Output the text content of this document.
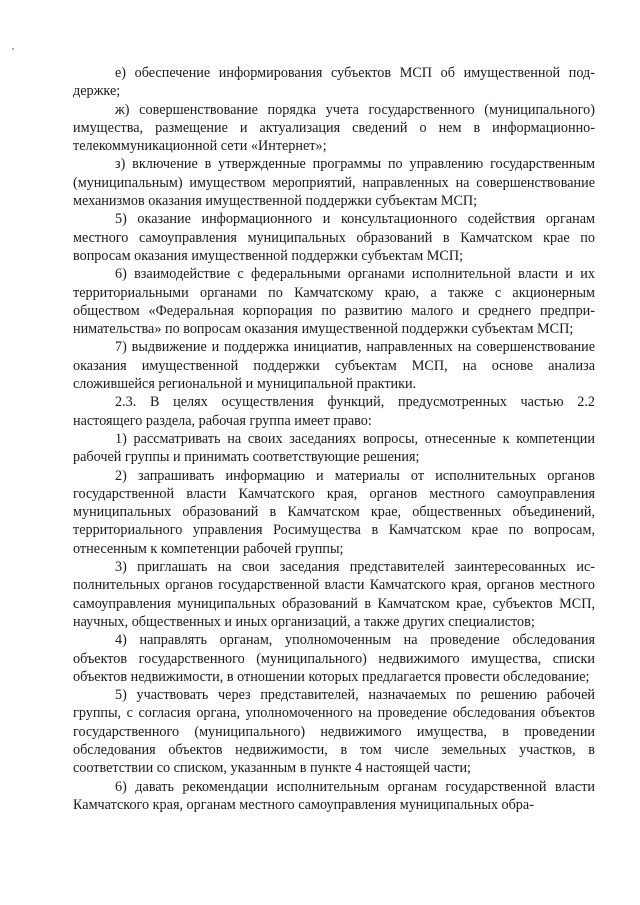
е) обеспечение информирования субъектов МСП об имущественной поддержке;

ж) совершенствование порядка учета государственного (муниципального) имущества, размещение и актуализация сведений о нем в информационнотелекоммуникационной сети «Интернет»;

з) включение в утвержденные программы по управлению государственным (муниципальным) имуществом мероприятий, направленных на совершенствование механизмов оказания имущественной поддержки субъектам МСП;

5) оказание информационного и консультационного содействия органам местного самоуправления муниципальных образований в Камчатском крае по вопросам оказания имущественной поддержки субъектам МСП;

6) взаимодействие с федеральными органами исполнительной власти и их территориальными органами по Камчатскому краю, а также с акционерным обществом «Федеральная корпорация по развитию малого и среднего предпринимательства» по вопросам оказания имущественной поддержки субъектам МСП;

7) выдвижение и поддержка инициатив, направленных на совершенствование оказания имущественной поддержки субъектам МСП, на основе анализа сложившейся региональной и муниципальной практики.

2.3. В целях осуществления функций, предусмотренных частью 2.2 настоящего раздела, рабочая группа имеет право:

1) рассматривать на своих заседаниях вопросы, отнесенные к компетенции рабочей группы и принимать соответствующие решения;

2) запрашивать информацию и материалы от исполнительных органов государственной власти Камчатского края, органов местного самоуправления муниципальных образований в Камчатском крае, общественных объединений, территориального управления Росимущества в Камчатском крае по вопросам, отнесенным к компетенции рабочей группы;

3) приглашать на свои заседания представителей заинтересованных исполнительных органов государственной власти Камчатского края, органов местного самоуправления муниципальных образований в Камчатском крае, субъектов МСП, научных, общественных и иных организаций, а также других специалистов;

4) направлять органам, уполномоченным на проведение обследования объектов государственного (муниципального) недвижимого имущества, списки объектов недвижимости, в отношении которых предлагается провести обследование;

5) участвовать через представителей, назначаемых по решению рабочей группы, с согласия органа, уполномоченного на проведение обследования объектов государственного (муниципального) недвижимого имущества, в проведении обследования объектов недвижимости, в том числе земельных участков, в соответствии со списком, указанным в пункте 4 настоящей части;

6) давать рекомендации исполнительным органам государственной власти Камчатского края, органам местного самоуправления муниципальных обра-
